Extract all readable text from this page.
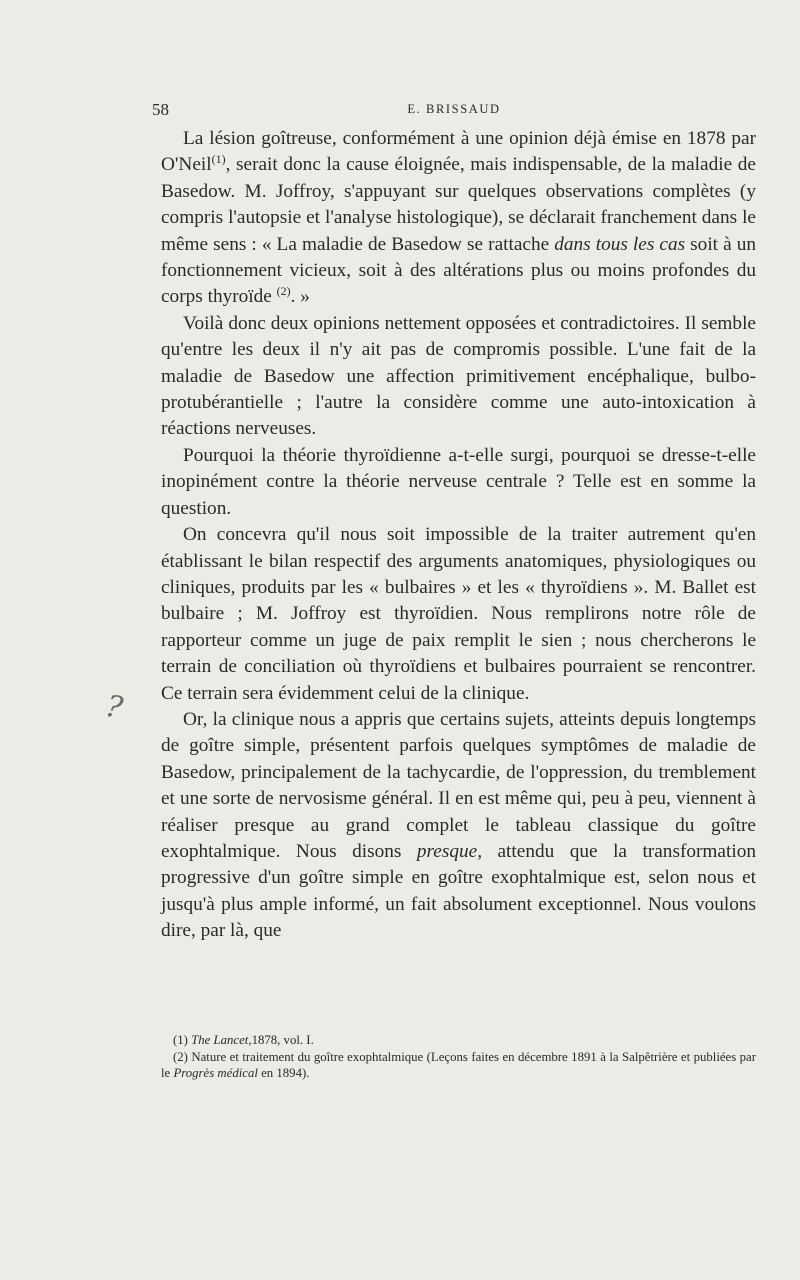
58	E. BRISSAUD
?

La lésion goîtreuse, conformément à une opinion déjà émise en 1878 par O'Neil$^{(1)}$, serait donc la cause éloignée, mais indispensable, de la maladie de Basedow. M. Joffroy, s'appuyant sur quelques observations complètes (y compris l'autopsie et l'analyse histologique), se déclarait franchement dans le même sens : « La maladie de Basedow se rattache dans tous les cas soit à un fonctionnement vicieux, soit à des altérations plus ou moins profondes du corps thyroïde $^{(2)}$. »

Voilà donc deux opinions nettement opposées et contradictoires. Il semble qu'entre les deux il n'y ait pas de compromis possible. L'une fait de la maladie de Basedow une affection primitivement encéphalique, bulbo-protubérantielle ; l'autre la considère comme une auto-intoxication à réactions nerveuses.

Pourquoi la théorie thyroïdienne a-t-elle surgi, pourquoi se dresse-t-elle inopinément contre la théorie nerveuse centrale ? Telle est en somme la question.

On concevra qu'il nous soit impossible de la traiter autrement qu'en établissant le bilan respectif des arguments anatomiques, physiologiques ou cliniques, produits par les « bulbaires » et les « thyroïdiens ». M. Ballet est bulbaire ; M. Joffroy est thyroïdien. Nous remplirons notre rôle de rapporteur comme un juge de paix remplit le sien ; nous chercherons le terrain de conciliation où thyroïdiens et bulbaires pourraient se rencontrer. Ce terrain sera évidemment celui de la clinique.

Or, la clinique nous a appris que certains sujets, atteints depuis longtemps de goître simple, présentent parfois quelques symptômes de maladie de Basedow, principalement de la tachycardie, de l'oppression, du tremblement et une sorte de nervosisme général. Il en est même qui, peu à peu, viennent à réaliser presque au grand complet le tableau classique du goître exophtalmique. Nous disons presque, attendu que la transformation progressive d'un goître simple en goître exophtalmique est, selon nous et jusqu'à plus ample informé, un fait absolument exceptionnel. Nous voulons dire, par là, que

(1) The Lancet,1878, vol. I.

(2) Nature et traitement du goître exophtalmique (Leçons faites en décembre 1891 à la Salpêtrière et publiées par le Progrès médical en 1894).
